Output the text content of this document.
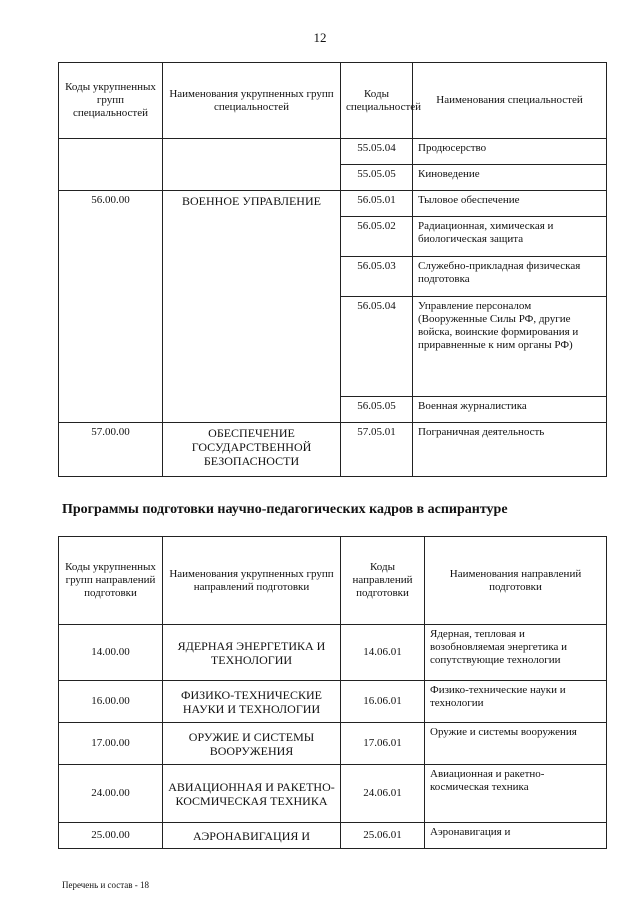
12
Коды укрупненных групп специальностей	Наименования укрупненных групп специальностей	Коды специальностей	Наименования специальностей
		55.05.04	Продюсерство
		55.05.05	Киноведение
56.00.00	ВОЕННОЕ УПРАВЛЕНИЕ	56.05.01	Тыловое обеспечение
		56.05.02	Радиационная, химическая и биологическая защита
		56.05.03	Служебно-прикладная физическая подготовка
		56.05.04	Управление персоналом (Вооруженные Силы РФ, другие войска, воинские формирования и приравненные к ним органы РФ)
		56.05.05	Военная журналистика
57.00.00	ОБЕСПЕЧЕНИЕ ГОСУДАРСТВЕННОЙ БЕЗОПАСНОСТИ	57.05.01	Пограничная деятельность
Программы подготовки научно-педагогических кадров в аспирантуре
Коды укрупненных групп направлений подготовки	Наименования укрупненных групп направлений подготовки	Коды направлений подготовки	Наименования направлений подготовки
14.00.00	ЯДЕРНАЯ ЭНЕРГЕТИКА И ТЕХНОЛОГИИ	14.06.01	Ядерная, тепловая и возобновляемая энергетика и сопутствующие технологии
16.00.00	ФИЗИКО-ТЕХНИЧЕСКИЕ НАУКИ И ТЕХНОЛОГИИ	16.06.01	Физико-технические науки и технологии
17.00.00	ОРУЖИЕ И СИСТЕМЫ ВООРУЖЕНИЯ	17.06.01	Оружие и системы вооружения
24.00.00	АВИАЦИОННАЯ И РАКЕТНО-КОСМИЧЕСКАЯ ТЕХНИКА	24.06.01	Авиационная и ракетно-космическая техника
25.00.00	АЭРОНАВИГАЦИЯ И	25.06.01	Аэронавигация и
Перечень и состав - 18
